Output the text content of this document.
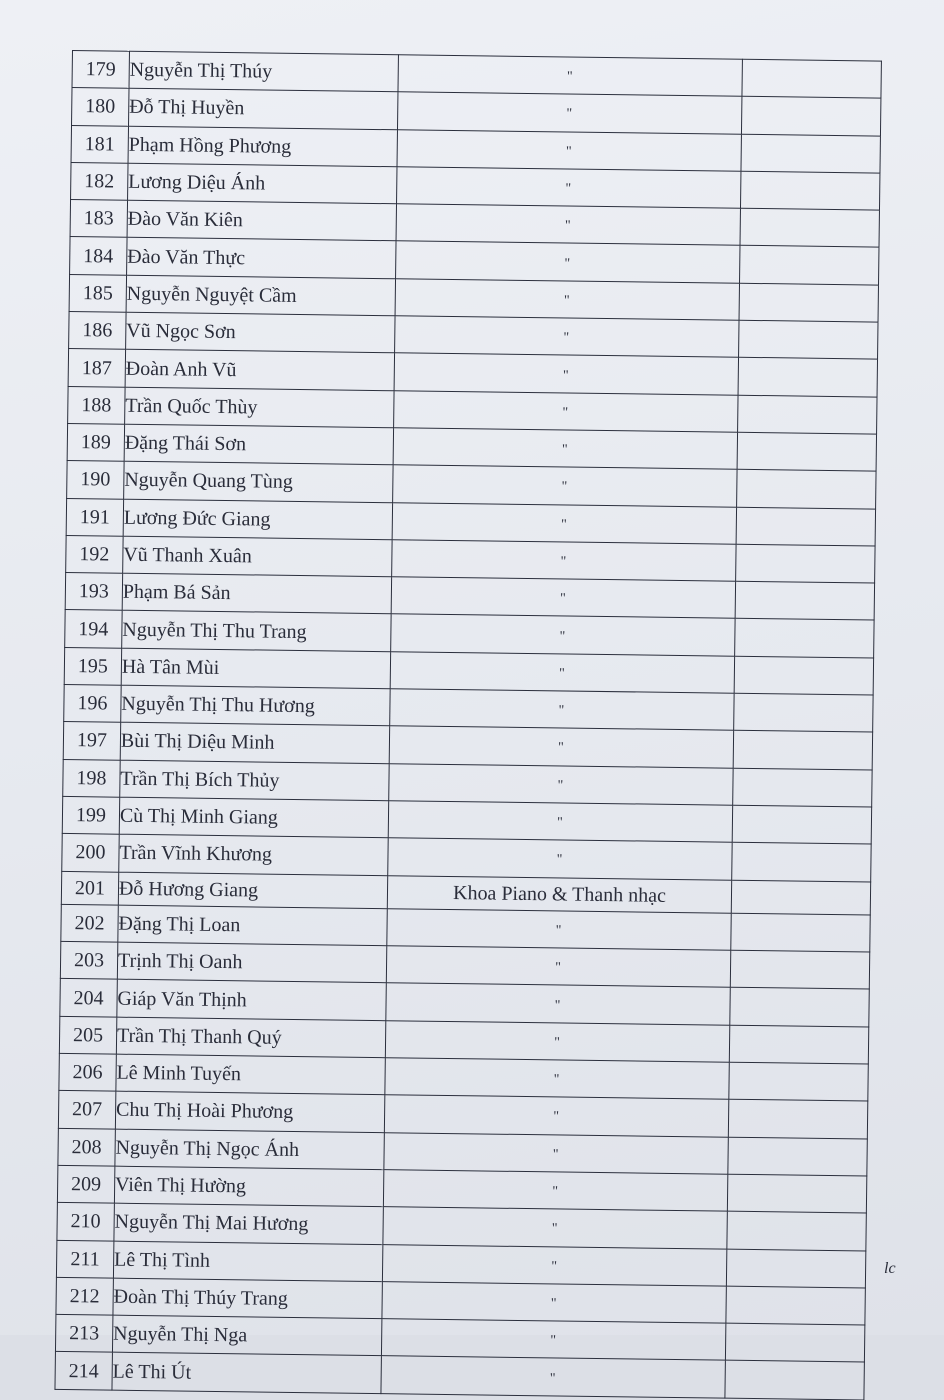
179	Nguyễn Thị Thúy	"	
180	Đỗ Thị Huyền	"	
181	Phạm Hồng Phương	"	
182	Lương Diệu Ánh	"	
183	Đào Văn Kiên	"	
184	Đào Văn Thực	"	
185	Nguyễn Nguyệt Cầm	"	
186	Vũ Ngọc Sơn	"	
187	Đoàn Anh Vũ	"	
188	Trần Quốc Thùy	"	
189	Đặng Thái Sơn	"	
190	Nguyễn Quang Tùng	"	
191	Lương Đức Giang	"	
192	Vũ Thanh Xuân	"	
193	Phạm Bá Sản	"	
194	Nguyễn Thị Thu Trang	"	
195	Hà Tân Mùi	"	
196	Nguyễn Thị Thu Hương	"	
197	Bùi Thị Diệu Minh	"	
198	Trần Thị Bích Thủy	"	
199	Cù Thị Minh Giang	"	
200	Trần Vĩnh Khương	"	
201	Đỗ Hương Giang	Khoa Piano & Thanh nhạc	
202	Đặng Thị Loan	"	
203	Trịnh Thị Oanh	"	
204	Giáp Văn Thịnh	"	
205	Trần Thị Thanh Quý	"	
206	Lê Minh Tuyến	"	
207	Chu Thị Hoài Phương	"	
208	Nguyễn Thị Ngọc Ánh	"	
209	Viên Thị Hường	"	
210	Nguyễn Thị Mai Hương	"	
211	Lê Thị Tình	"	
212	Đoàn Thị Thúy Trang	"	
213	Nguyễn Thị Nga	"	
214	Lê Thi Út	"	
lc
